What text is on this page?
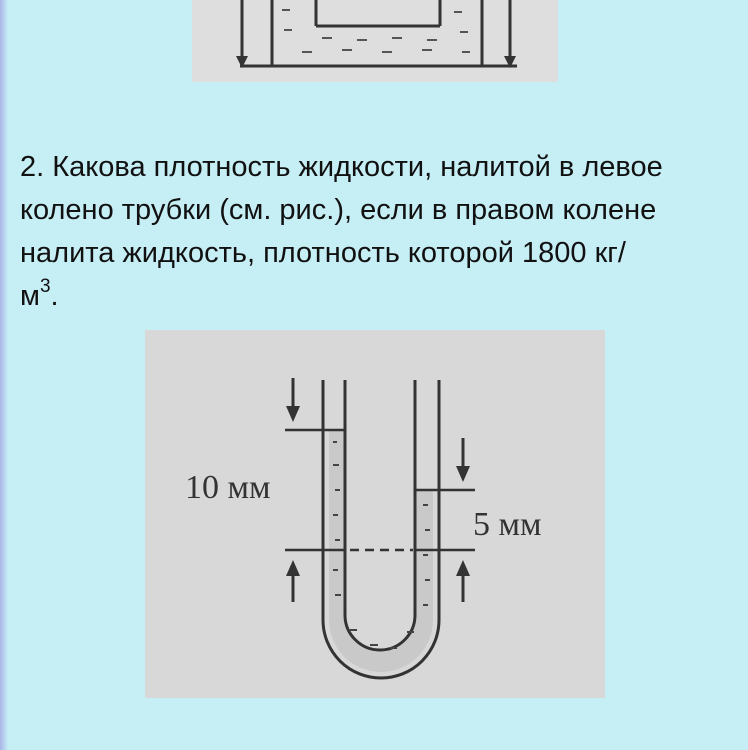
2. Какова плотность жидкости, налитой в левое
колено трубки (см. рис.), если в правом колене
налита жидкость, плотность которой 1800 кг/
$м^3$.
10 мм
5 мм
